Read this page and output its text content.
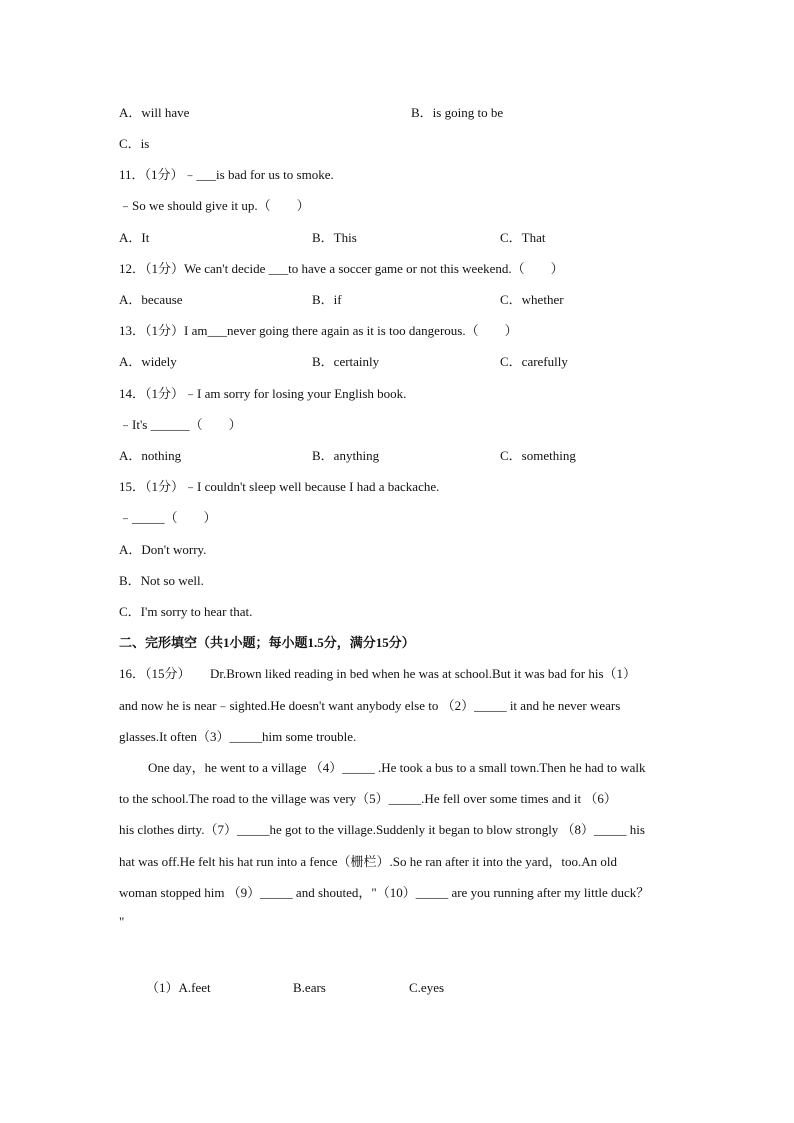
A．will have	B．is going to be
C．is
11．（1分）﹣___is bad for us to smoke.
﹣So we should give it up.（　　）
A．It	B．This	C．That
12．（1分）We can't decide ___to have a soccer game or not this weekend.（　　）
A．because	B．if	C．whether
13．（1分）I am___never going there again as it is too dangerous.（　　）
A．widely	B．certainly	C．carefully
14．（1分）﹣I am sorry for losing your English book.
﹣It's ______（　　）
A．nothing	B．anything	C．something
15．（1分）﹣I couldn't sleep well because I had a backache.
﹣_____（　　）
A．Don't worry.
B．Not so well.
C．I'm sorry to hear that.
二、完形填空（共1小题；每小题1.5分，满分15分）
16．（15分）　　Dr.Brown liked reading in bed when he was at school.But it was bad for his（1）
and now he is near﹣sighted.He doesn't want anybody else to （2）_____ it and he never wears
glasses.It often（3）_____him some trouble.
One day，he went to a village （4）_____ .He took a bus to a small town.Then he had to walk
to the school.The road to the village was very（5）_____.He fell over some times and it （6）
his clothes dirty.（7）_____he got to the village.Suddenly it began to blow strongly （8）_____ his
hat was off.He felt his hat run into a fence（栅栏）.So he ran after it into the yard，too.An old
woman stopped him （9）_____ and shouted，"（10）_____ are you running after my little duck？
"
（1）A.feet	B.ears	C.eyes
